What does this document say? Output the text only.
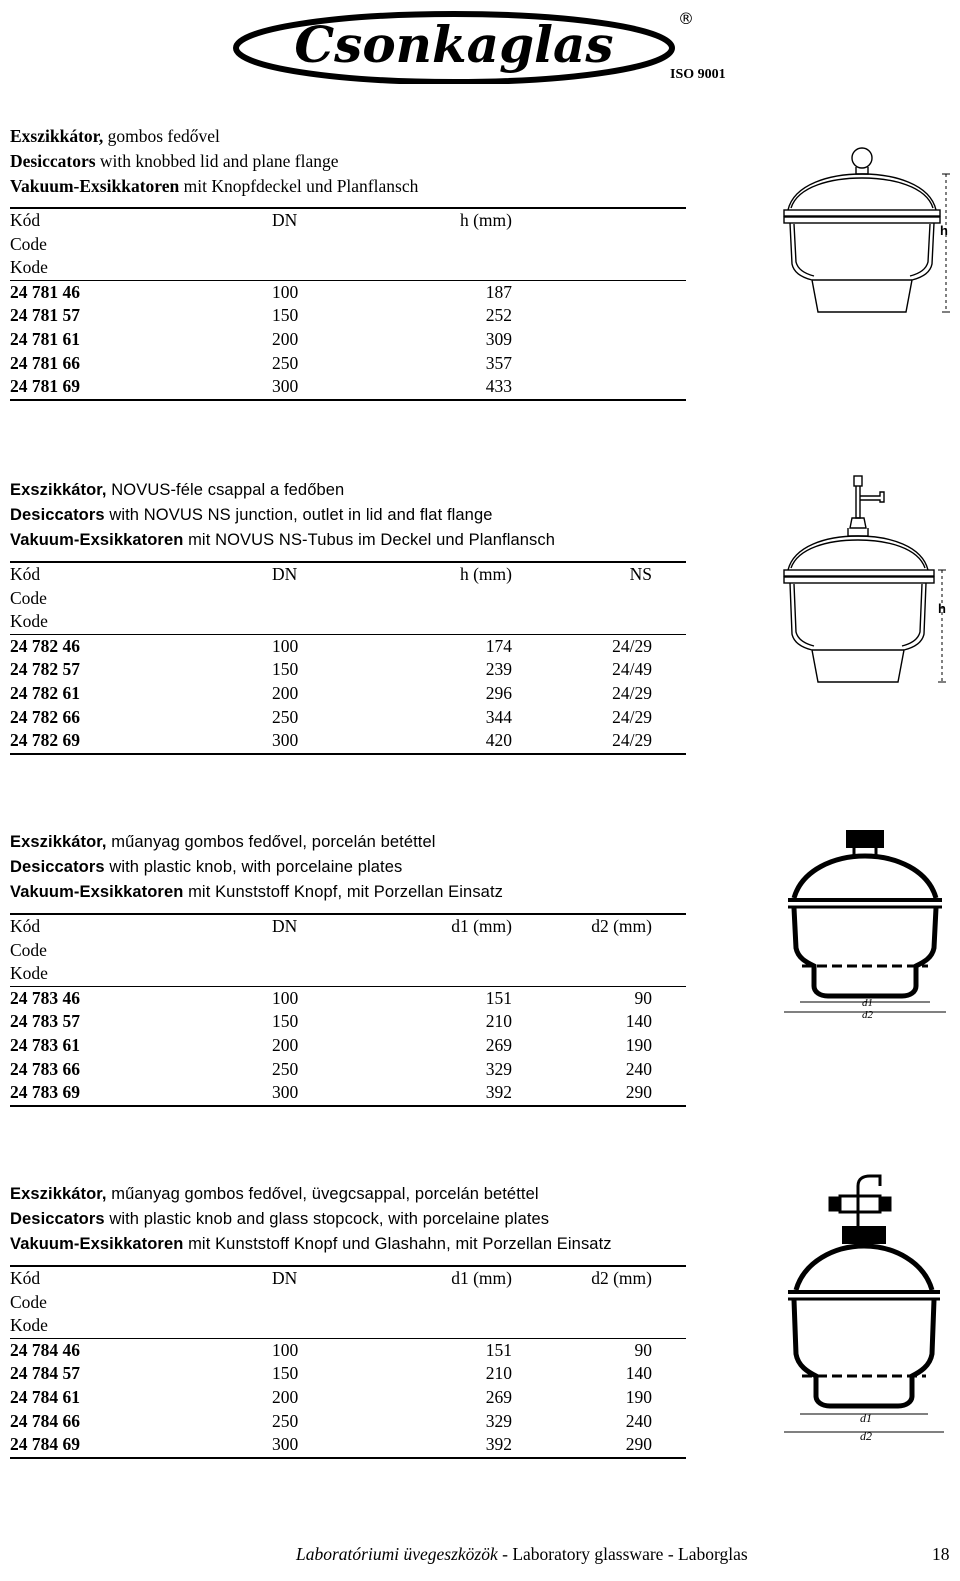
Csonkaglas	®
ISO 9001
Exszikkátor, gombos fedővel
Desiccators with knobbed lid and plane flange
Vakuum-Exsikkatoren mit Knopfdeckel und Planflansch
Kód	DN	h (mm)		
Code				
Kode				
24 781 46	100	187		
24 781 57	150	252		
24 781 61	200	309		
24 781 66	250	357		
24 781 69	300	433		
Exszikkátor, NOVUS-féle csappal a fedőben
Desiccators with NOVUS NS junction, outlet in lid and flat flange
Vakuum-Exsikkatoren mit NOVUS NS-Tubus im Deckel und Planflansch
Kód	DN	h (mm)	NS	
Code				
Kode				
24 782 46	100	174	24/29	
24 782 57	150	239	24/49	
24 782 61	200	296	24/29	
24 782 66	250	344	24/29	
24 782 69	300	420	24/29	
Exszikkátor, műanyag gombos fedővel, porcelán betéttel
Desiccators with plastic knob, with porcelaine plates
Vakuum-Exsikkatoren mit Kunststoff Knopf, mit Porzellan Einsatz
Kód	DN	d1 (mm)	d2 (mm)	
Code				
Kode				
24 783 46	100	151	90	
24 783 57	150	210	140	
24 783 61	200	269	190	
24 783 66	250	329	240	
24 783 69	300	392	290	
Exszikkátor, műanyag gombos fedővel, üvegcsappal, porcelán betéttel
Desiccators with plastic knob and glass stopcock, with porcelaine plates
Vakuum-Exsikkatoren mit Kunststoff Knopf und Glashahn, mit Porzellan Einsatz
Kód	DN	d1 (mm)	d2 (mm)	
Code				
Kode				
24 784 46	100	151	90	
24 784 57	150	210	140	
24 784 61	200	269	190	
24 784 66	250	329	240	
24 784 69	300	392	290	
h
h
d1
d2
d1
d2
Laboratóriumi üvegeszközök - Laboratory glassware - Laborglas	18
